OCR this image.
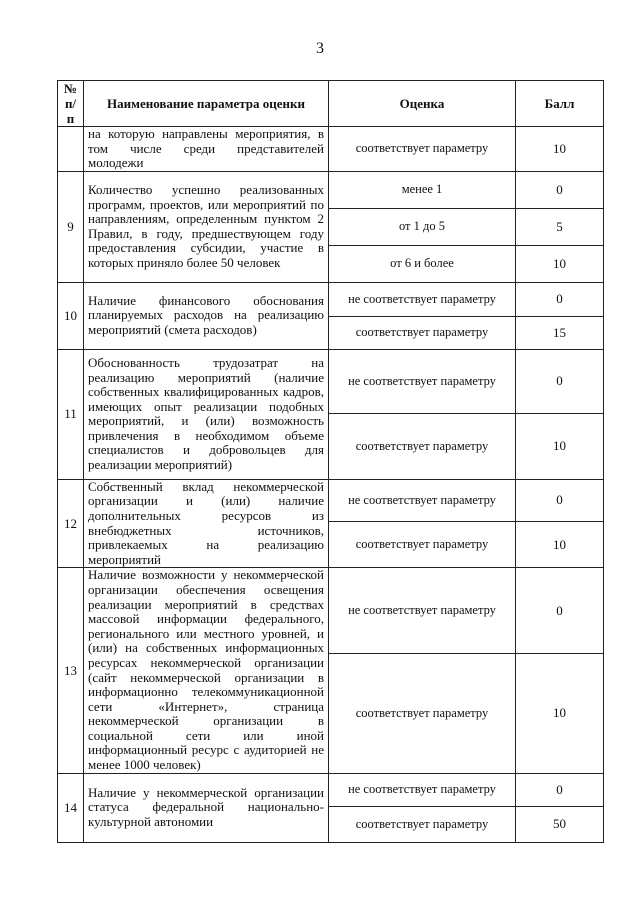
3
№ п/п	Наименование параметра оценки	Оценка	Балл
	на которую направлены мероприятия, в том числе среди представителей молодежи	соответствует параметру	10
9	Количество успешно реализованных программ, проектов, или мероприятий по направлениям, определенным пунктом 2 Правил, в году, предшествующем году предоставления субсидии, участие в которых приняло более 50 человек	менее 1	0
		от 1 до 5	5
		от 6 и более	10
10	Наличие финансового обоснования планируемых расходов на реализацию мероприятий (смета расходов)	не соответствует параметру	0
		соответствует параметру	15
11	Обоснованность трудозатрат на реализацию мероприятий (наличие собственных квалифицированных кадров, имеющих опыт реализации подобных мероприятий, и (или) возможность привлечения в необходимом объеме специалистов и добровольцев для реализации мероприятий)	не соответствует параметру	0
		соответствует параметру	10
12	Собственный вклад некоммерческой организации и (или) наличие дополнительных ресурсов из внебюджетных источников, привлекаемых на реализацию мероприятий	не соответствует параметру	0
		соответствует параметру	10
13	Наличие возможности у некоммерческой организации обеспечения освещения реализации мероприятий в средствах массовой информации федерального, регионального или местного уровней, и (или) на собственных информационных ресурсах некоммерческой организации (сайт некоммерческой организации в информационно телекоммуникационной сети «Интернет», страница некоммерческой организации в социальной сети или иной информационный ресурс с аудиторией не менее 1000 человек)	не соответствует параметру	0
		соответствует параметру	10
14	Наличие у некоммерческой организации статуса федеральной национально-культурной автономии	не соответствует параметру	0
		соответствует параметру	50
